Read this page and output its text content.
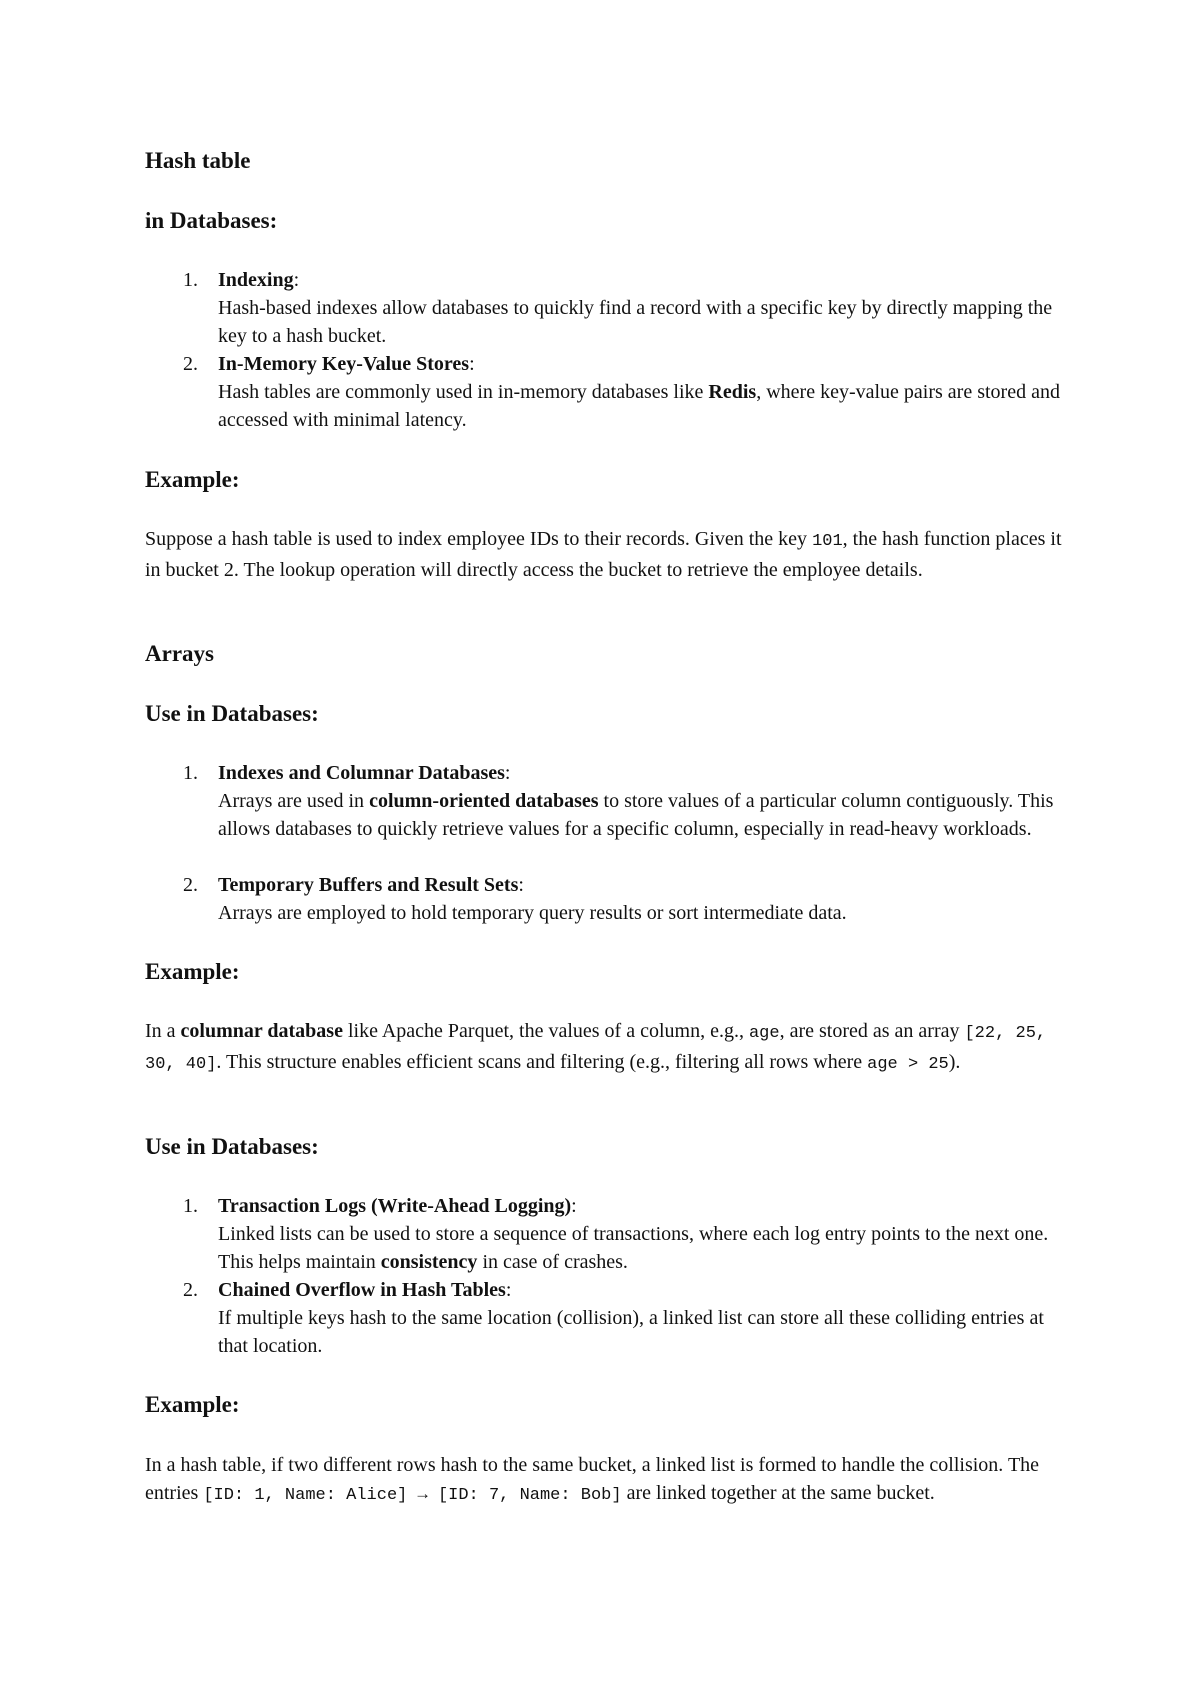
Hash table
in Databases:
1. Indexing:
Hash-based indexes allow databases to quickly find a record with a specific key by directly mapping the key to a hash bucket.
2. In-Memory Key-Value Stores:
Hash tables are commonly used in in-memory databases like Redis, where key-value pairs are stored and accessed with minimal latency.
Example:

Suppose a hash table is used to index employee IDs to their records. Given the key 101, the hash function places it in bucket 2. The lookup operation will directly access the bucket to retrieve the employee details.

Arrays
Use in Databases:
1. Indexes and Columnar Databases:
Arrays are used in column-oriented databases to store values of a particular column contiguously. This allows databases to quickly retrieve values for a specific column, especially in read-heavy workloads.
2. Temporary Buffers and Result Sets:
Arrays are employed to hold temporary query results or sort intermediate data.
Example:

In a columnar database like Apache Parquet, the values of a column, e.g., age, are stored as an array [22, 25, 30, 40]. This structure enables efficient scans and filtering (e.g., filtering all rows where age > 25).

Use in Databases:
1. Transaction Logs (Write-Ahead Logging):
Linked lists can be used to store a sequence of transactions, where each log entry points to the next one. This helps maintain consistency in case of crashes.
2. Chained Overflow in Hash Tables:
If multiple keys hash to the same location (collision), a linked list can store all these colliding entries at that location.
Example:

In a hash table, if two different rows hash to the same bucket, a linked list is formed to handle the collision. The entries [ID: 1, Name: Alice] → [ID: 7, Name: Bob] are linked together at the same bucket.
